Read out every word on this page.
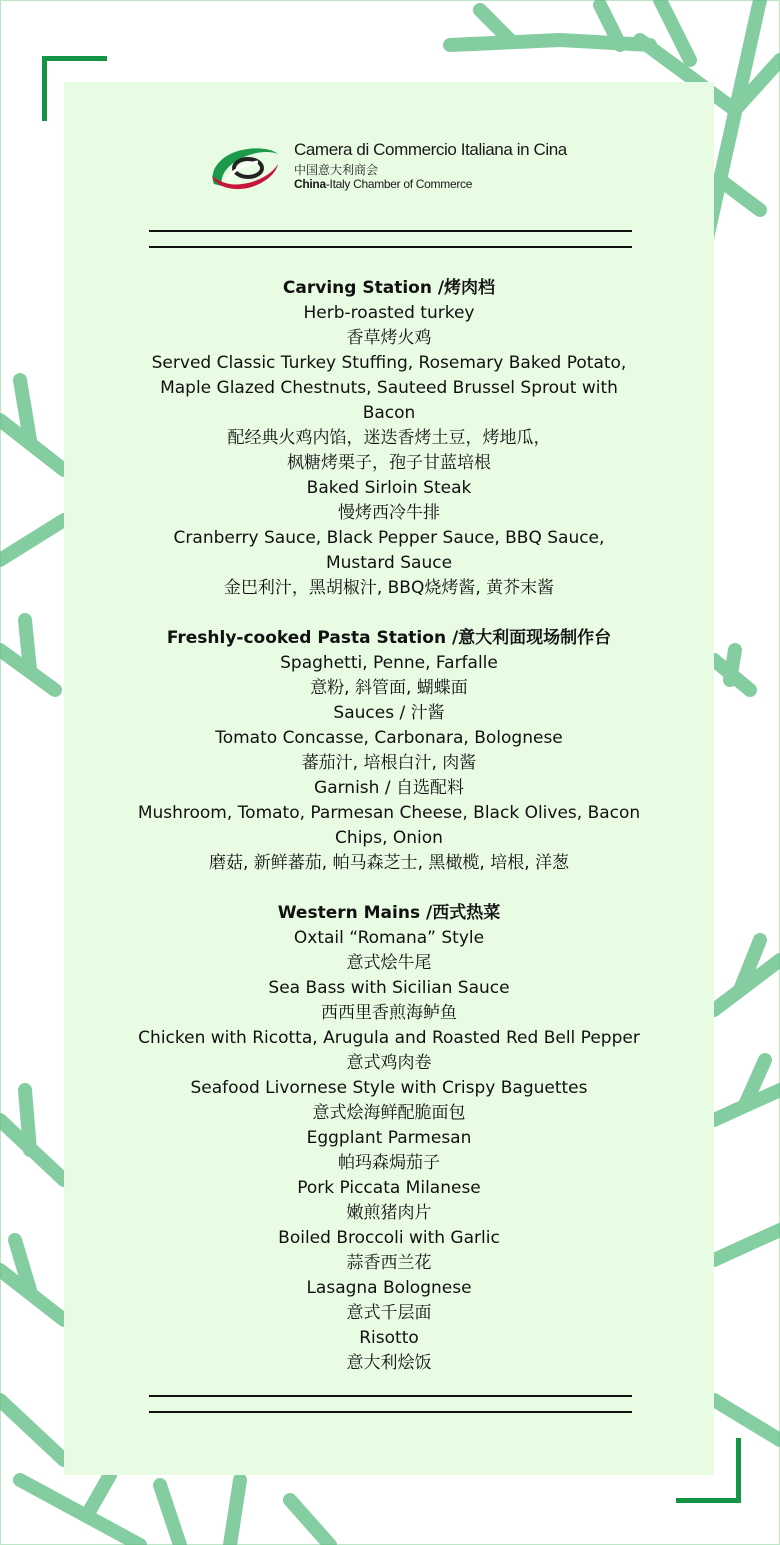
Camera di Commercio Italiana in Cina
中国意大利商会
China-Italy Chamber of Commerce
Carving Station /烤肉档
Herb-roasted turkey
香草烤火鸡
Served Classic Turkey Stuffing, Rosemary Baked Potato,
Maple Glazed Chestnuts, Sauteed Brussel Sprout with
Bacon
配经典火鸡内馅，迷迭香烤土豆，烤地瓜，
枫糖烤栗子，孢子甘蓝培根
Baked Sirloin Steak
慢烤西冷牛排
Cranberry Sauce, Black Pepper Sauce, BBQ Sauce,
Mustard Sauce
金巴利汁，黑胡椒汁, BBQ烧烤酱, 黄芥末酱
Freshly-cooked Pasta Station /意大利面现场制作台
Spaghetti, Penne, Farfalle
意粉, 斜管面, 蝴蝶面
Sauces / 汁酱
Tomato Concasse, Carbonara, Bolognese
蕃茄汁, 培根白汁, 肉酱
Garnish / 自选配料
Mushroom, Tomato, Parmesan Cheese, Black Olives, Bacon
Chips, Onion
磨菇, 新鲜蕃茄, 帕马森芝士, 黑橄榄, 培根, 洋葱
Western Mains /西式热菜
Oxtail “Romana” Style
意式烩牛尾
Sea Bass with Sicilian Sauce
西西里香煎海鲈鱼
Chicken with Ricotta, Arugula and Roasted Red Bell Pepper
意式鸡肉卷
Seafood Livornese Style with Crispy Baguettes
意式烩海鲜配脆面包
Eggplant Parmesan
帕玛森焗茄子
Pork Piccata Milanese
嫩煎猪肉片
Boiled Broccoli with Garlic
蒜香西兰花
Lasagna Bolognese
意式千层面
Risotto
意大利烩饭
